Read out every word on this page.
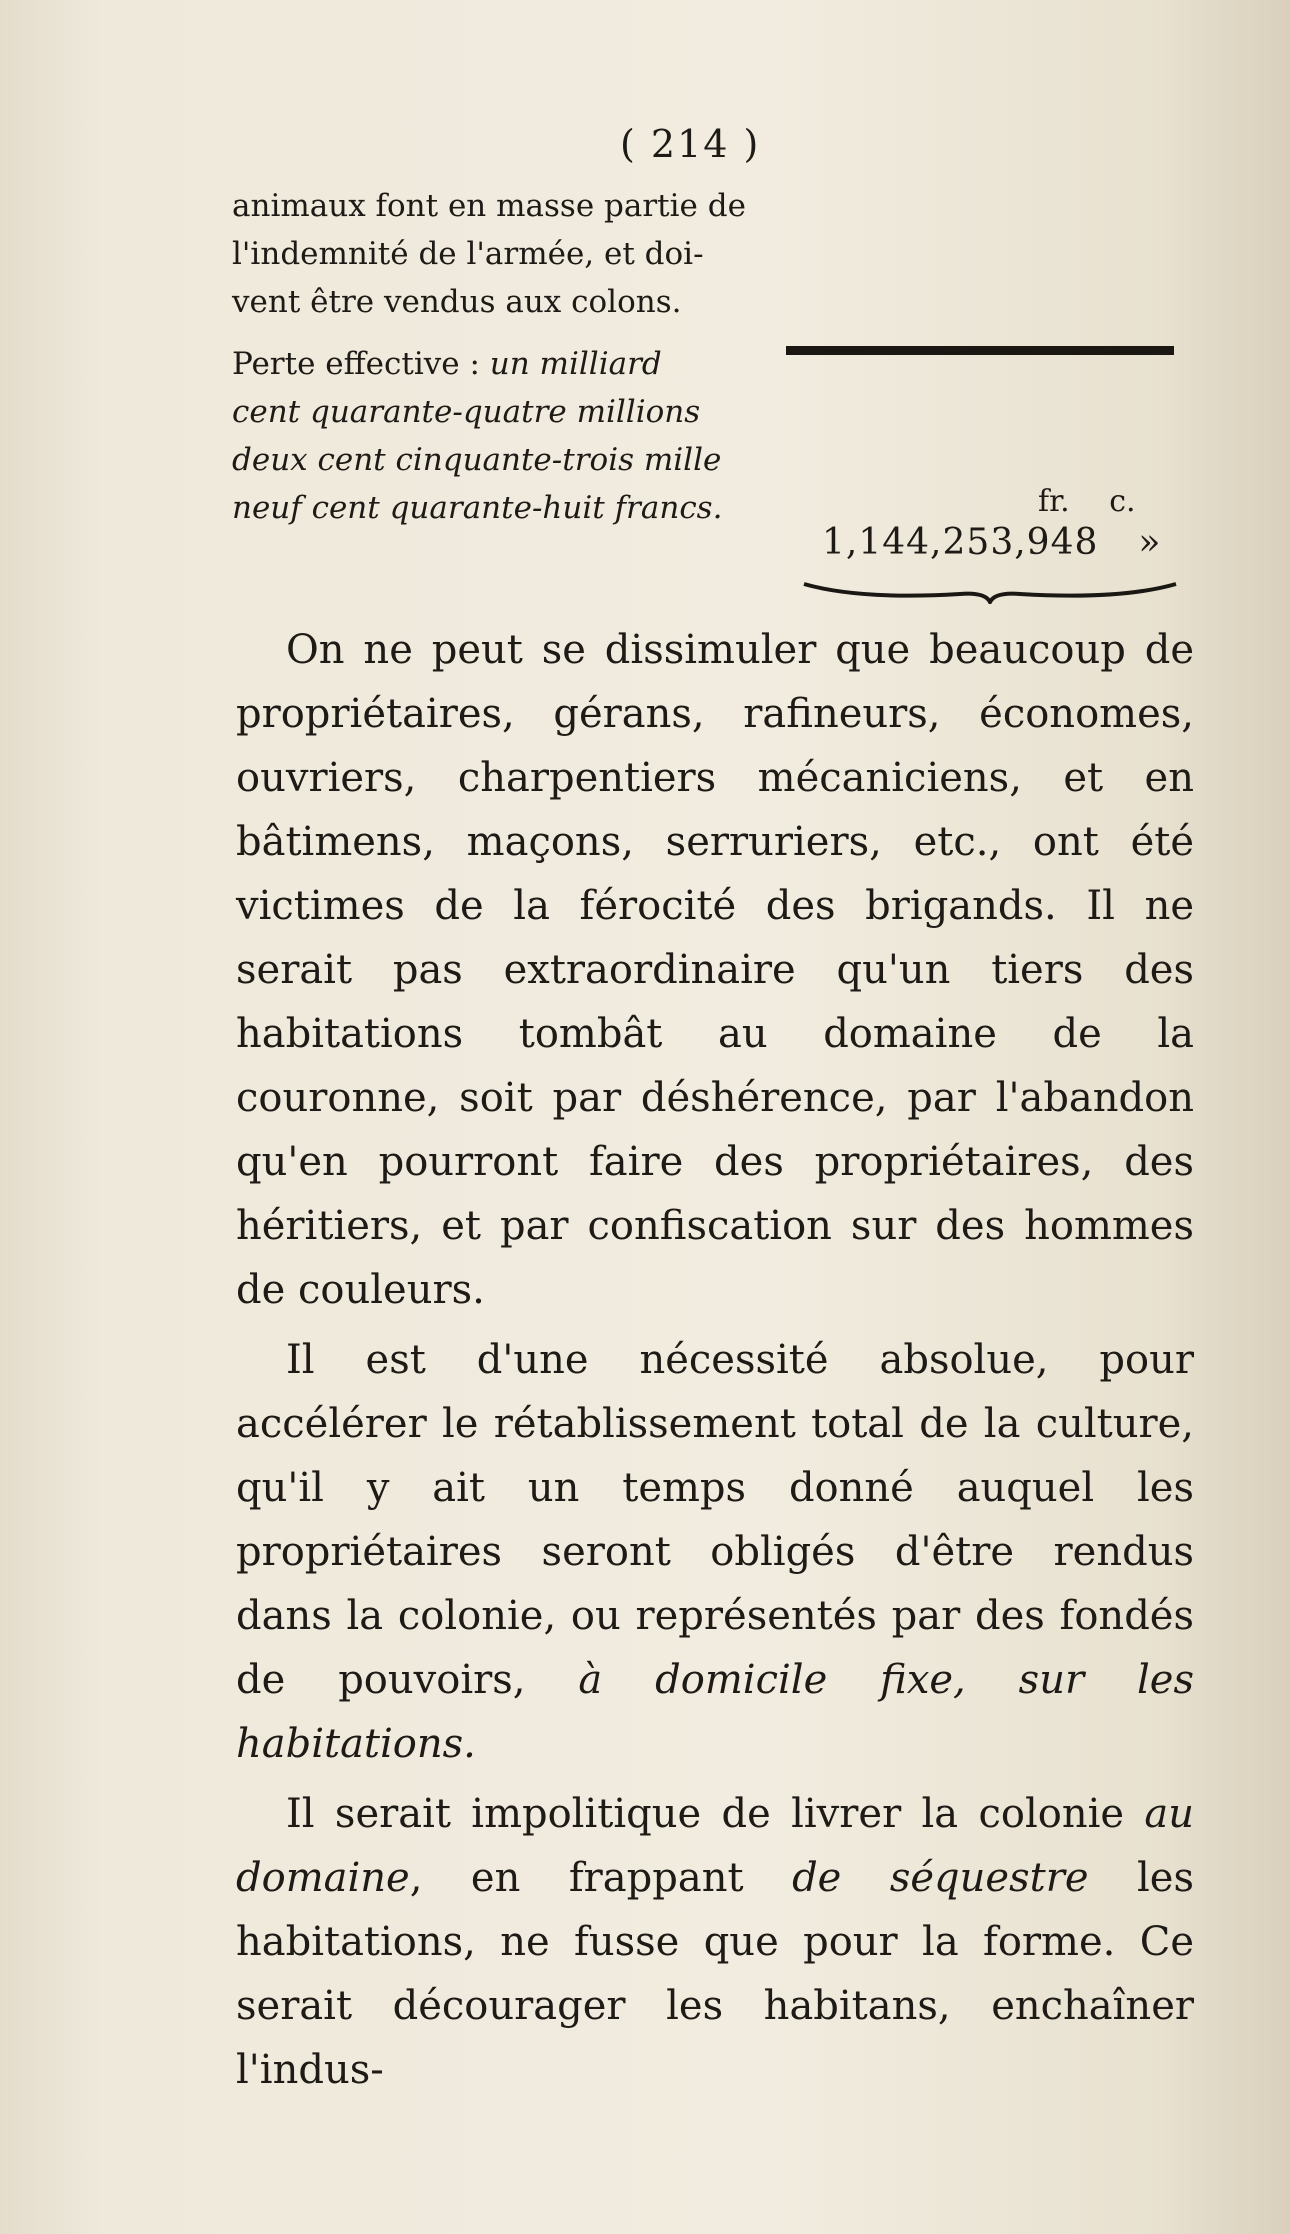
( 214 )

animaux font en masse partie de

l'indemnité de l'armée, et doi-

vent être vendus aux colons.

Perte effective : un milliard

cent quarante-quatre millions

deux cent cinquante-trois mille

neuf cent quarante-huit francs.	fr. c.
1,144,253,948 »

On ne peut se dissimuler que beaucoup de propriétaires, gérans, rafineurs, économes, ouvriers, charpentiers mécaniciens, et en bâtimens, maçons, serruriers, etc., ont été victimes de la férocité des brigands. Il ne serait pas extraordinaire qu'un tiers des habitations tombât au domaine de la couronne, soit par déshérence, par l'abandon qu'en pourront faire des propriétaires, des héritiers, et par confiscation sur des hommes de couleurs.

Il est d'une nécessité absolue, pour accélérer le rétablissement total de la culture, qu'il y ait un temps donné auquel les propriétaires seront obligés d'être rendus dans la colonie, ou représentés par des fondés de pouvoirs, à domicile fixe, sur les habitations.

Il serait impolitique de livrer la colonie au domaine, en frappant de séquestre les habitations, ne fusse que pour la forme. Ce serait décourager les habitans, enchaîner l'indus-
